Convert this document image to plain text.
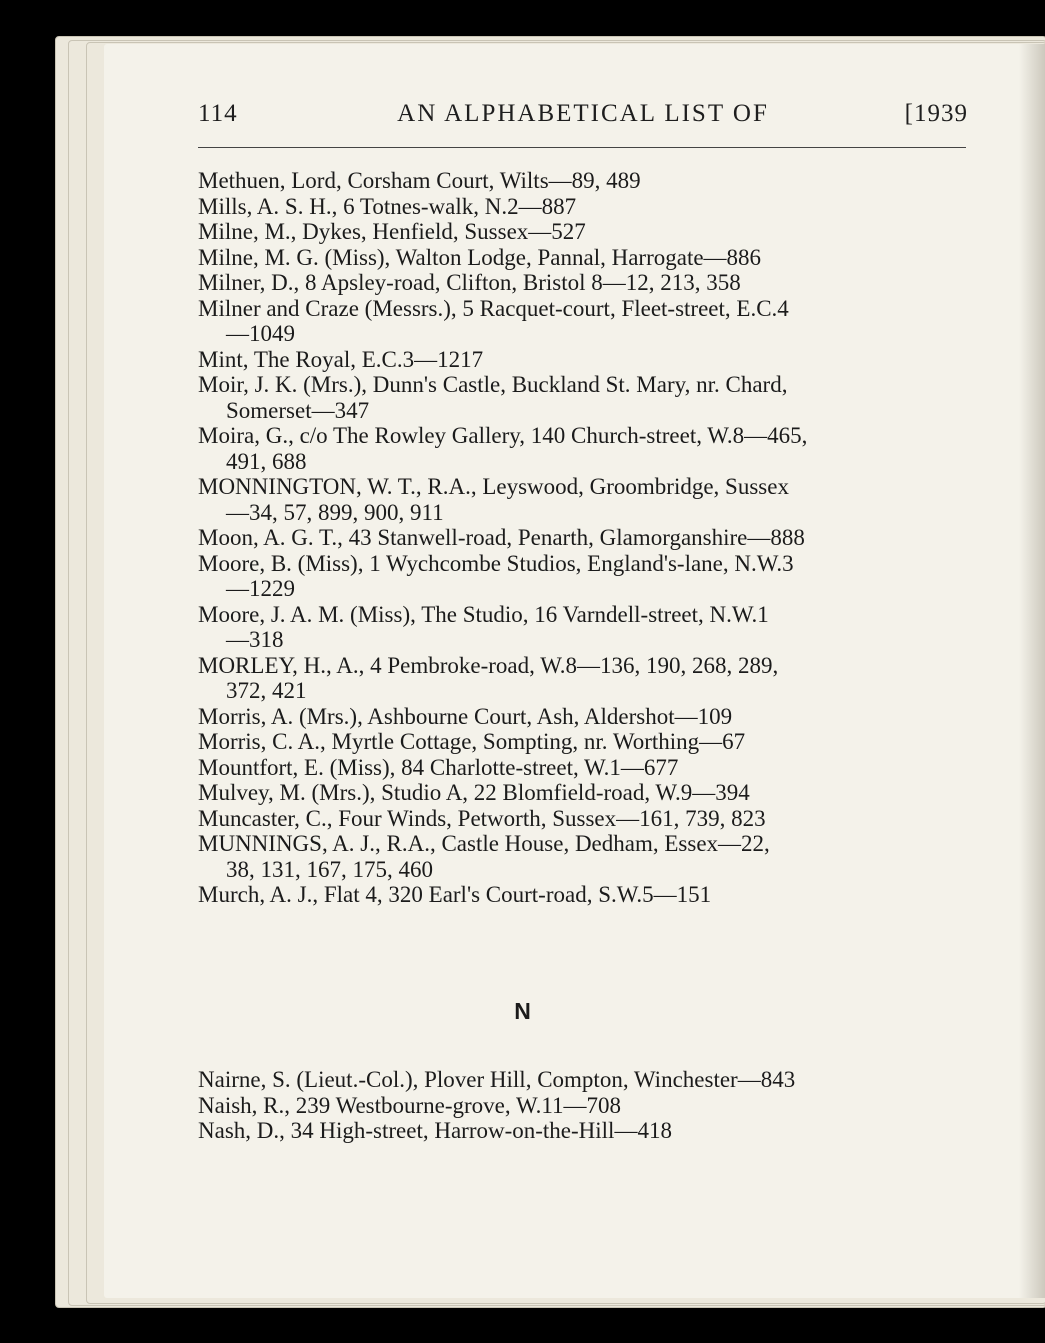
114	AN ALPHABETICAL LIST OF	[1939
Methuen, Lord, Corsham Court, Wilts—89, 489
Mills, A. S. H., 6 Totnes-walk, N.2—887
Milne, M., Dykes, Henfield, Sussex—527
Milne, M. G. (Miss), Walton Lodge, Pannal, Harrogate—886
Milner, D., 8 Apsley-road, Clifton, Bristol 8—12, 213, 358
Milner and Craze (Messrs.), 5 Racquet-court, Fleet-street, E.C.4
—1049
Mint, The Royal, E.C.3—1217
Moir, J. K. (Mrs.), Dunn's Castle, Buckland St. Mary, nr. Chard,
Somerset—347
Moira, G., c/o The Rowley Gallery, 140 Church-street, W.8—465,
491, 688
MONNINGTON, W. T., R.A., Leyswood, Groombridge, Sussex
—34, 57, 899, 900, 911
Moon, A. G. T., 43 Stanwell-road, Penarth, Glamorganshire—888
Moore, B. (Miss), 1 Wychcombe Studios, England's-lane, N.W.3
—1229
Moore, J. A. M. (Miss), The Studio, 16 Varndell-street, N.W.1
—318
MORLEY, H., A., 4 Pembroke-road, W.8—136, 190, 268, 289,
372, 421
Morris, A. (Mrs.), Ashbourne Court, Ash, Aldershot—109
Morris, C. A., Myrtle Cottage, Sompting, nr. Worthing—67
Mountfort, E. (Miss), 84 Charlotte-street, W.1—677
Mulvey, M. (Mrs.), Studio A, 22 Blomfield-road, W.9—394
Muncaster, C., Four Winds, Petworth, Sussex—161, 739, 823
MUNNINGS, A. J., R.A., Castle House, Dedham, Essex—22,
38, 131, 167, 175, 460
Murch, A. J., Flat 4, 320 Earl's Court-road, S.W.5—151
N
Nairne, S. (Lieut.-Col.), Plover Hill, Compton, Winchester—843
Naish, R., 239 Westbourne-grove, W.11—708
Nash, D., 34 High-street, Harrow-on-the-Hill—418
